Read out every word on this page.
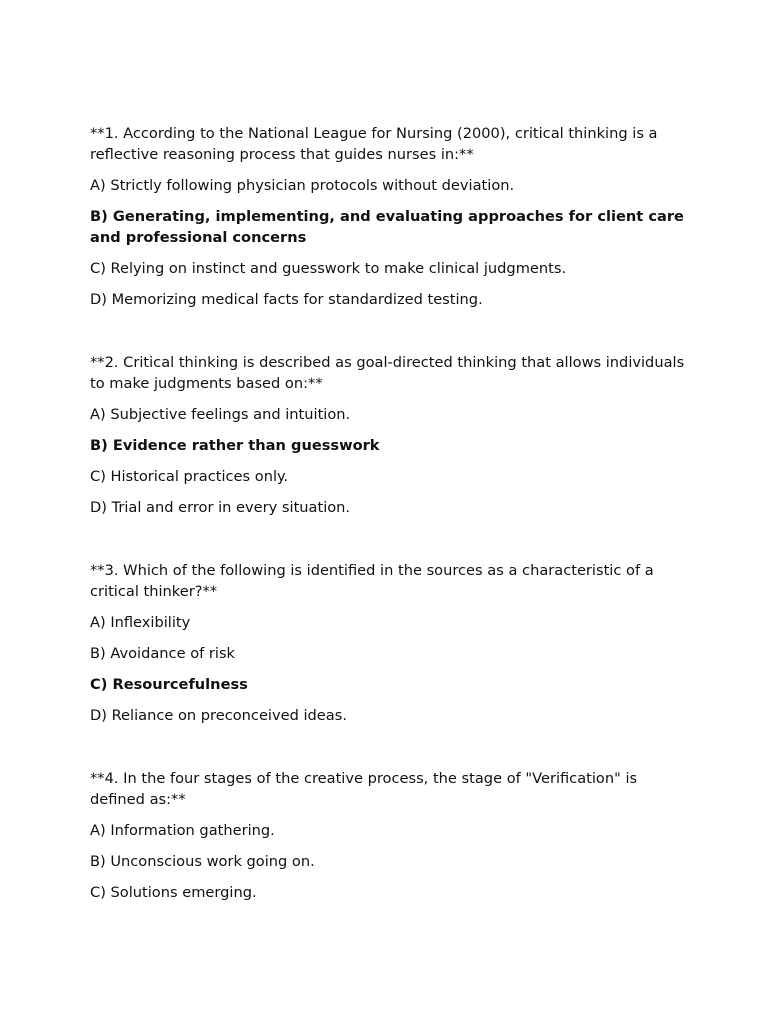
**1. According to the National League for Nursing (2000), critical thinking is a reflective reasoning process that guides nurses in:**

A) Strictly following physician protocols without deviation.

B) Generating, implementing, and evaluating approaches for client care and professional concerns

C) Relying on instinct and guesswork to make clinical judgments.

D) Memorizing medical facts for standardized testing.

**2. Critical thinking is described as goal-directed thinking that allows individuals to make judgments based on:**

A) Subjective feelings and intuition.

B) Evidence rather than guesswork

C) Historical practices only.

D) Trial and error in every situation.

**3. Which of the following is identified in the sources as a characteristic of a critical thinker?**

A) Inflexibility

B) Avoidance of risk

C) Resourcefulness

D) Reliance on preconceived ideas.

**4. In the four stages of the creative process, the stage of "Verification" is defined as:**

A) Information gathering.

B) Unconscious work going on.

C) Solutions emerging.
